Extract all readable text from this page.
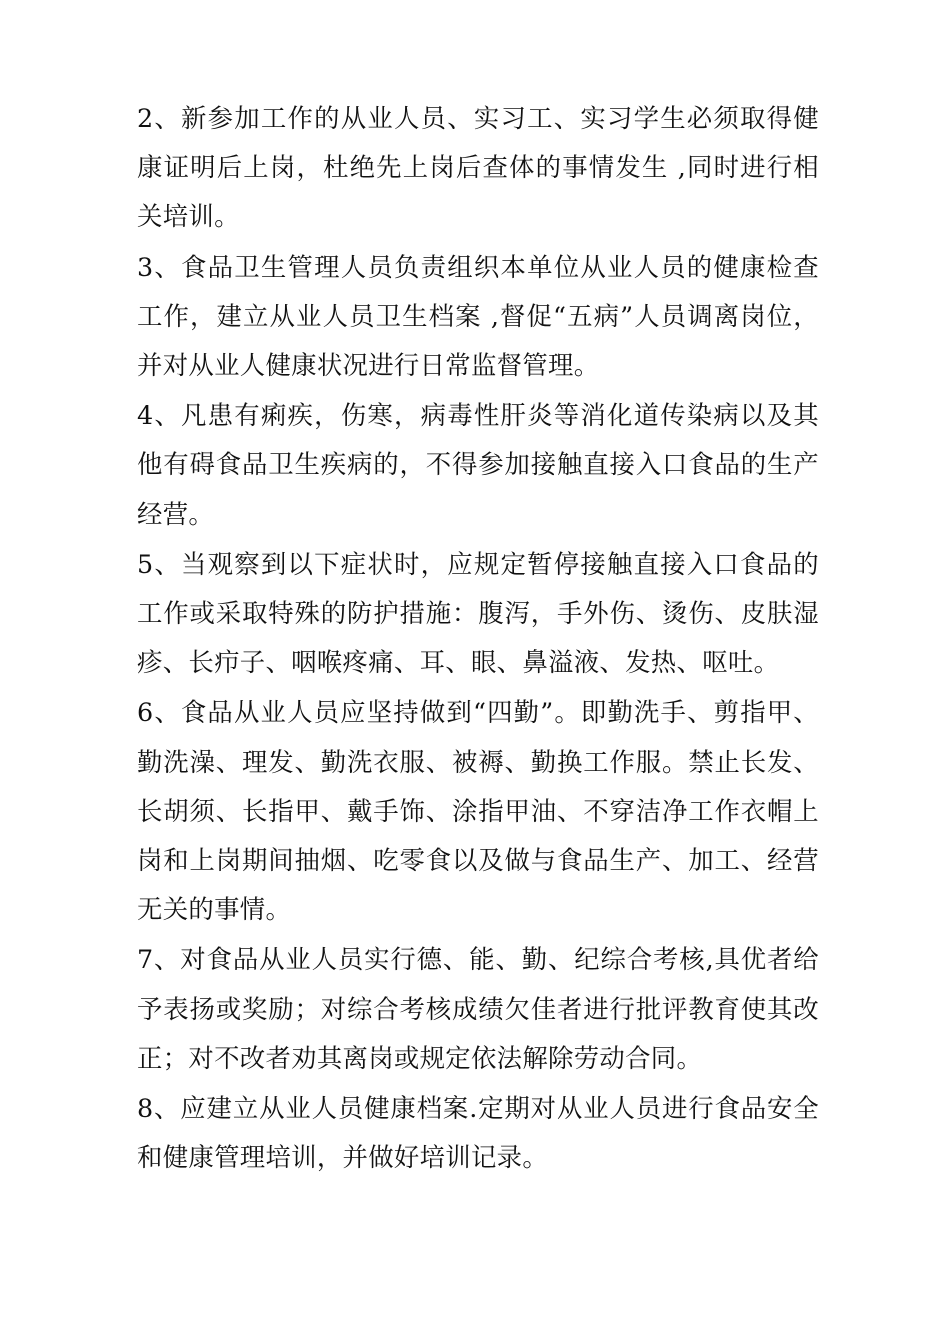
2、新参加工作的从业人员、实习工、实习学生必须取得健康证明后上岗，杜绝先上岗后查体的事情发生 ,同时进行相关培训。

3、食品卫生管理人员负责组织本单位从业人员的健康检查工作，建立从业人员卫生档案 ,督促“五病”人员调离岗位，并对从业人健康状况进行日常监督管理。

4、凡患有痢疾，伤寒，病毒性肝炎等消化道传染病以及其他有碍食品卫生疾病的，不得参加接触直接入口食品的生产经营。

5、当观察到以下症状时，应规定暂停接触直接入口食品的工作或采取特殊的防护措施：腹泻，手外伤、烫伤、皮肤湿疹、长疖子、咽喉疼痛、耳、眼、鼻溢液、发热、呕吐。

6、食品从业人员应坚持做到“四勤”。即勤洗手、剪指甲、勤洗澡、理发、勤洗衣服、被褥、勤换工作服。禁止长发、长胡须、长指甲、戴手饰、涂指甲油、不穿洁净工作衣帽上岗和上岗期间抽烟、吃零食以及做与食品生产、加工、经营无关的事情。

7、对食品从业人员实行德、能、勤、纪综合考核,具优者给予表扬或奖励；对综合考核成绩欠佳者进行批评教育使其改正；对不改者劝其离岗或规定依法解除劳动合同。

8、应建立从业人员健康档案.定期对从业人员进行食品安全和健康管理培训，并做好培训记录。
